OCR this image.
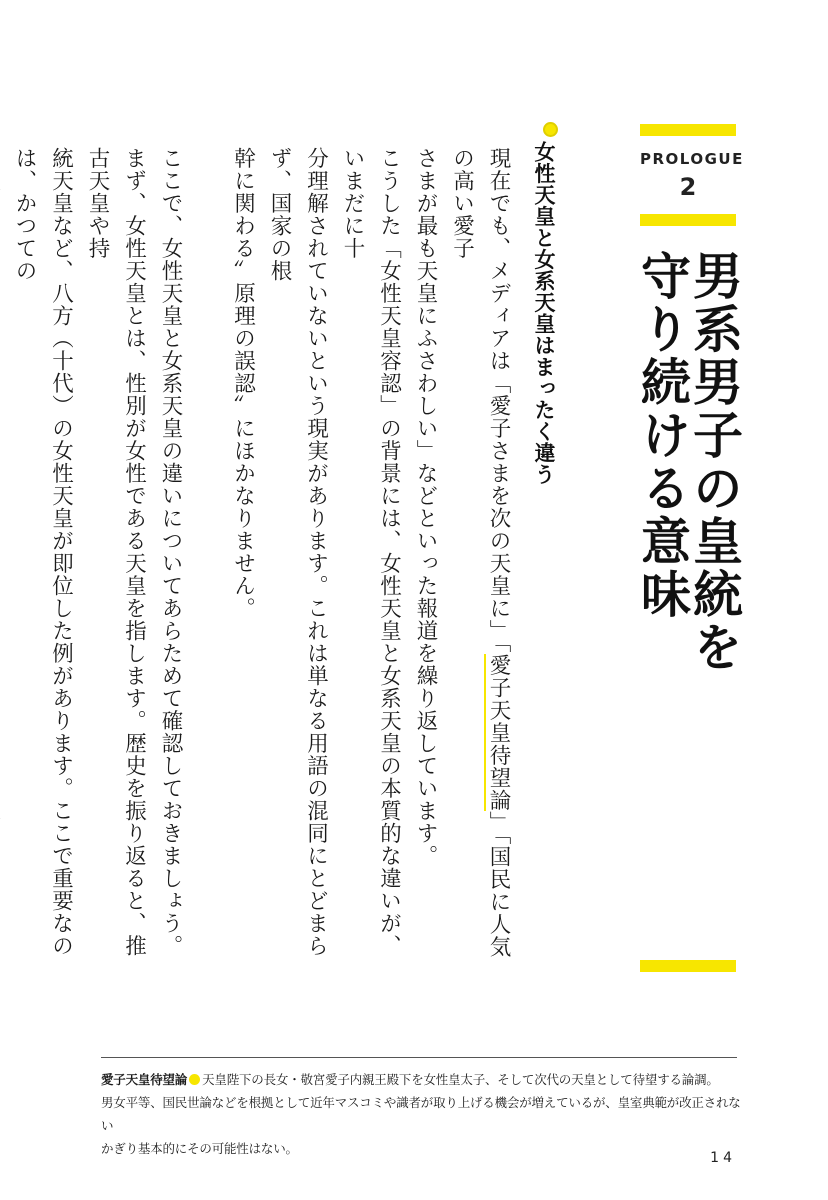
PROLOGUE
2
男系男子の皇統を
守り続ける意味
女性天皇と女系天皇はまったく違う

現在でも、メディアは「愛子さまを次の天皇に」「愛子天皇待望論」「国民に人気の高い愛子
さまが最も天皇にふさわしい」などといった報道を繰り返しています。
こうした「女性天皇容認」の背景には、女性天皇と女系天皇の本質的な違いが、いまだに十
分理解されていないという現実があります。これは単なる用語の混同にとどまらず、国家の根
幹に関わる〞原理の誤認〟にほかなりません。

ここで、女性天皇と女系天皇の違いについてあらためて確認しておきましょう。
まず、女性天皇とは、性別が女性である天皇を指します。歴史を振り返ると、推古天皇や持
統天皇など、八方（十代）の女性天皇が即位した例があります。ここで重要なのは、かつての

愛子天皇待望論 天皇陛下の長女・敬宮愛子内親王殿下を女性皇太子、そして次代の天皇として待望する論調。

男女平等、国民世論などを根拠として近年マスコミや識者が取り上げる機会が増えているが、皇室典範が改正されない

かぎり基本的にその可能性はない。

14
